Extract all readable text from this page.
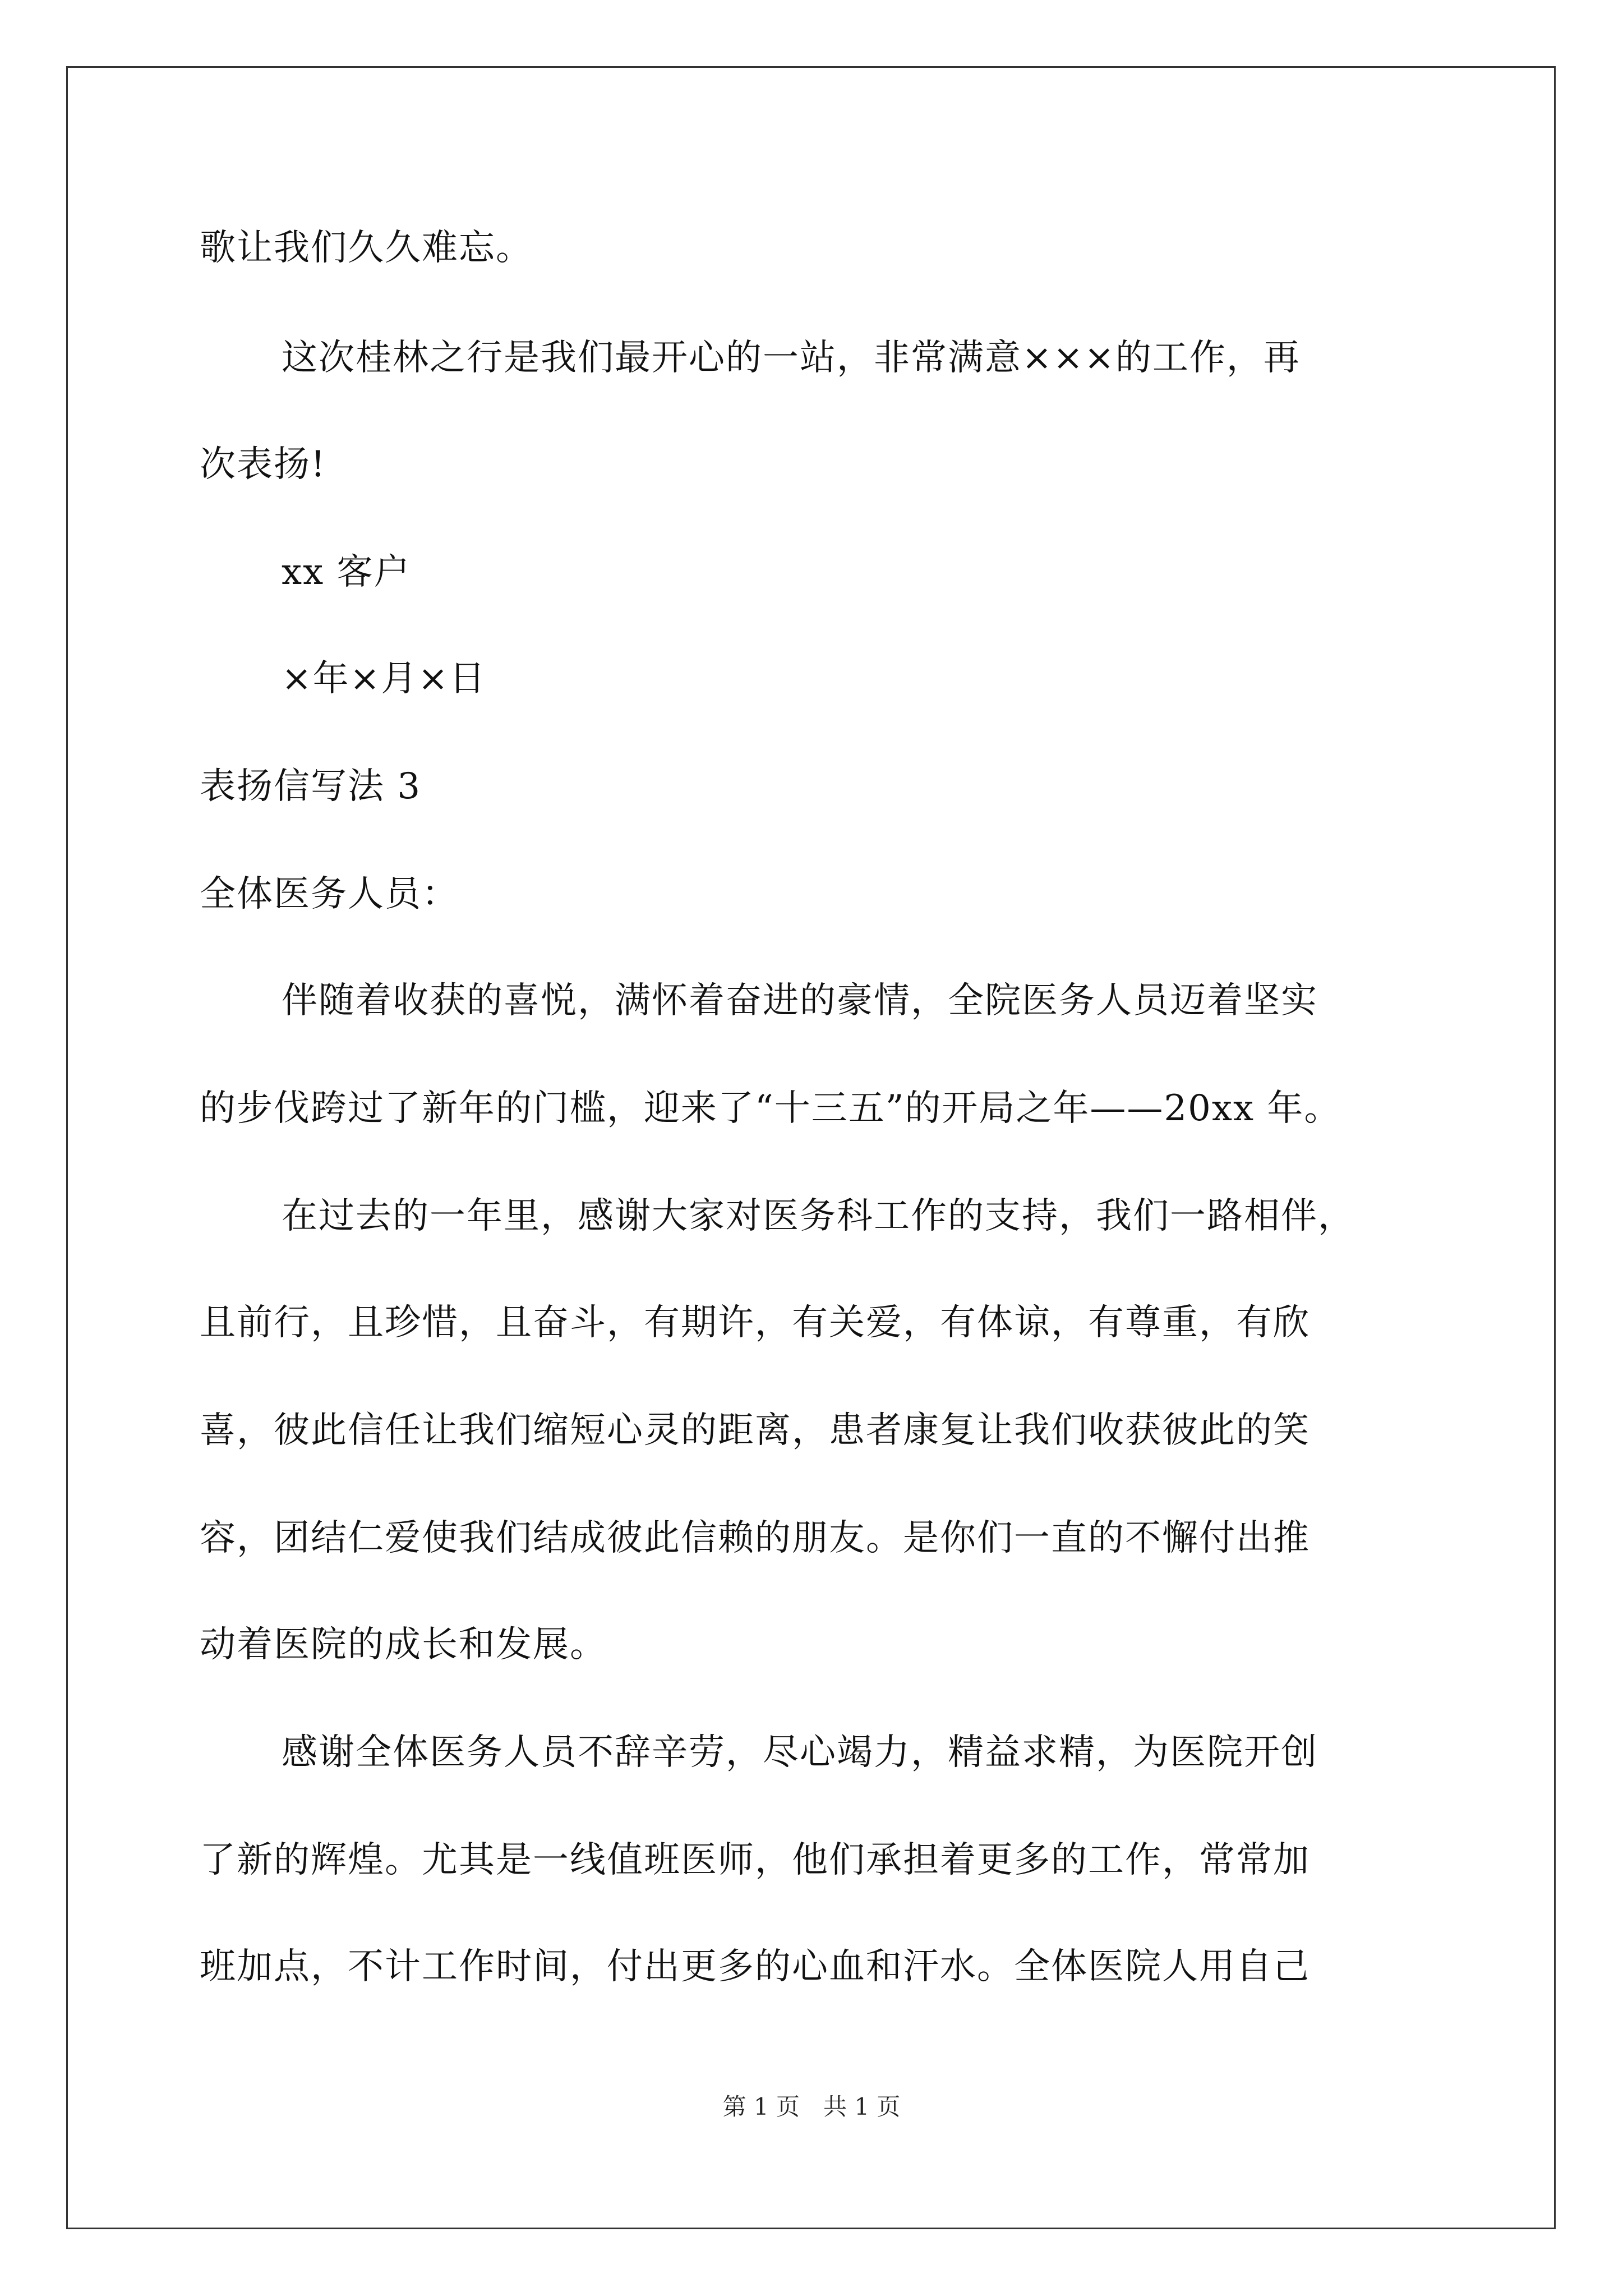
歌让我们久久难忘。
这次桂林之行是我们最开心的一站，非常满意×××的工作，再
次表扬!
xx 客户
×年×月×日
表扬信写法 3
全体医务人员：
伴随着收获的喜悦，满怀着奋进的豪情，全院医务人员迈着坚实
的步伐跨过了新年的门槛，迎来了“十三五”的开局之年——20xx 年。
在过去的一年里，感谢大家对医务科工作的支持，我们一路相伴，
且前行，且珍惜，且奋斗，有期许，有关爱，有体谅，有尊重，有欣
喜，彼此信任让我们缩短心灵的距离，患者康复让我们收获彼此的笑
容，团结仁爱使我们结成彼此信赖的朋友。是你们一直的不懈付出推
动着医院的成长和发展。
感谢全体医务人员不辞辛劳，尽心竭力，精益求精，为医院开创
了新的辉煌。尤其是一线值班医师，他们承担着更多的工作，常常加
班加点，不计工作时间，付出更多的心血和汗水。全体医院人用自己
第 1 页　共 1 页
